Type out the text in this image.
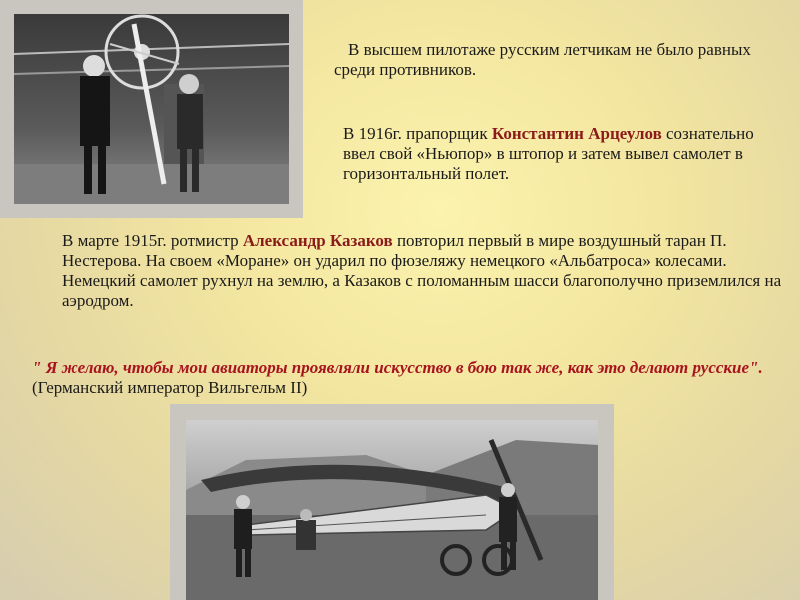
В высшем пилотаже русским летчикам не было равных среди противников.
В 1916г. прапорщик Константин Арцеулов сознательно ввел свой «Ньюпор» в штопор и затем вывел самолет в горизонтальный полет.
В марте 1915г. ротмистр Александр Казаков повторил первый в мире воздушный таран П. Нестерова. На своем «Моране» он ударил по фюзеляжу немецкого «Альбатроса» колесами. Немецкий самолет рухнул на землю, а Казаков с поломанным шасси благополучно приземлился на аэродром.
" Я желаю, чтобы мои авиаторы проявляли искусство в бою так же, как это делают русские". (Германский император Вильгельм II)
